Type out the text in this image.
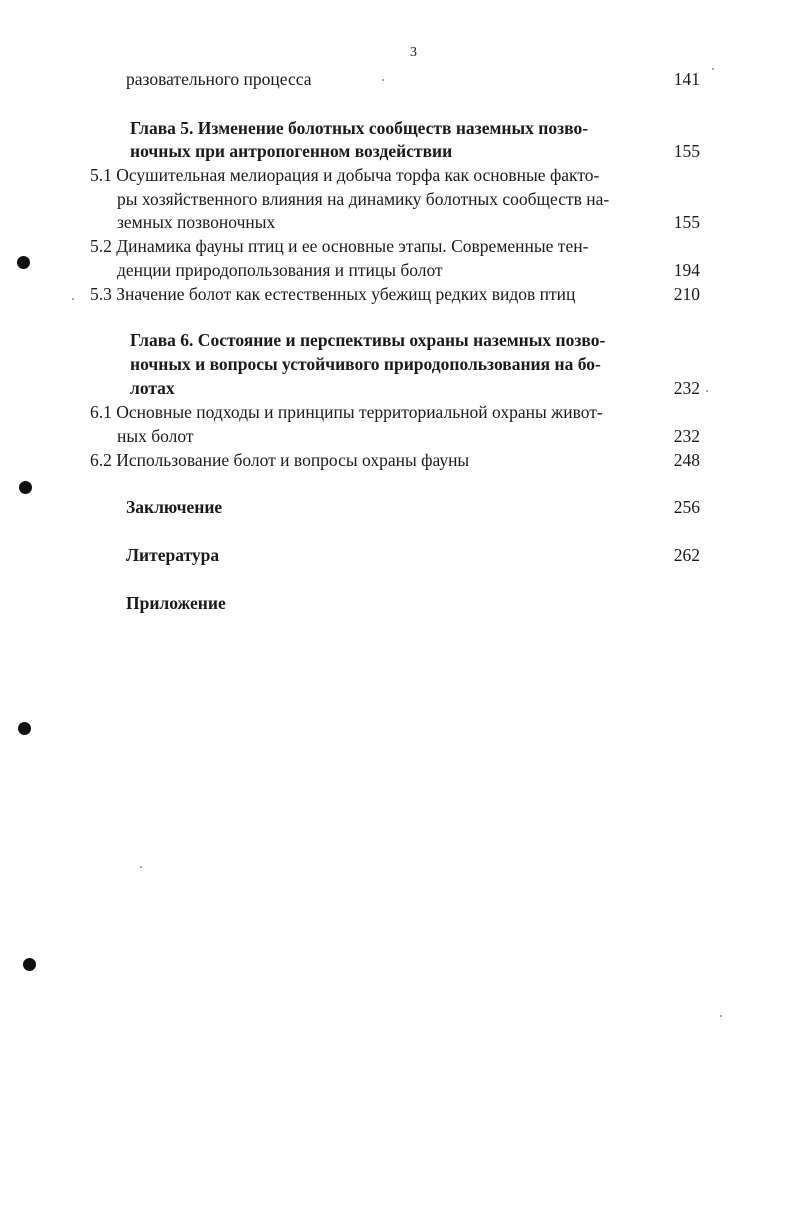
3
разовательного процесса	141
Глава 5. Изменение болотных сообществ наземных позво-
ночных при антропогенном воздействии	155
5.1 Осушительная мелиорация и добыча торфа как основные факто-
ры хозяйственного влияния на динамику болотных сообществ на-
земных позвоночных	155
5.2 Динамика фауны птиц и ее основные этапы. Современные тен-
денции природопользования и птицы болот	194
5.3 Значение болот как естественных убежищ редких видов птиц	210
Глава 6. Состояние и перспективы охраны наземных позво-
ночных и вопросы устойчивого природопользования на бо-
лотах	232
6.1 Основные подходы и принципы территориальной охраны живот-
ных болот	232
6.2 Использование болот и вопросы охраны фауны	248
Заключение	256
Литература	262
Приложение
